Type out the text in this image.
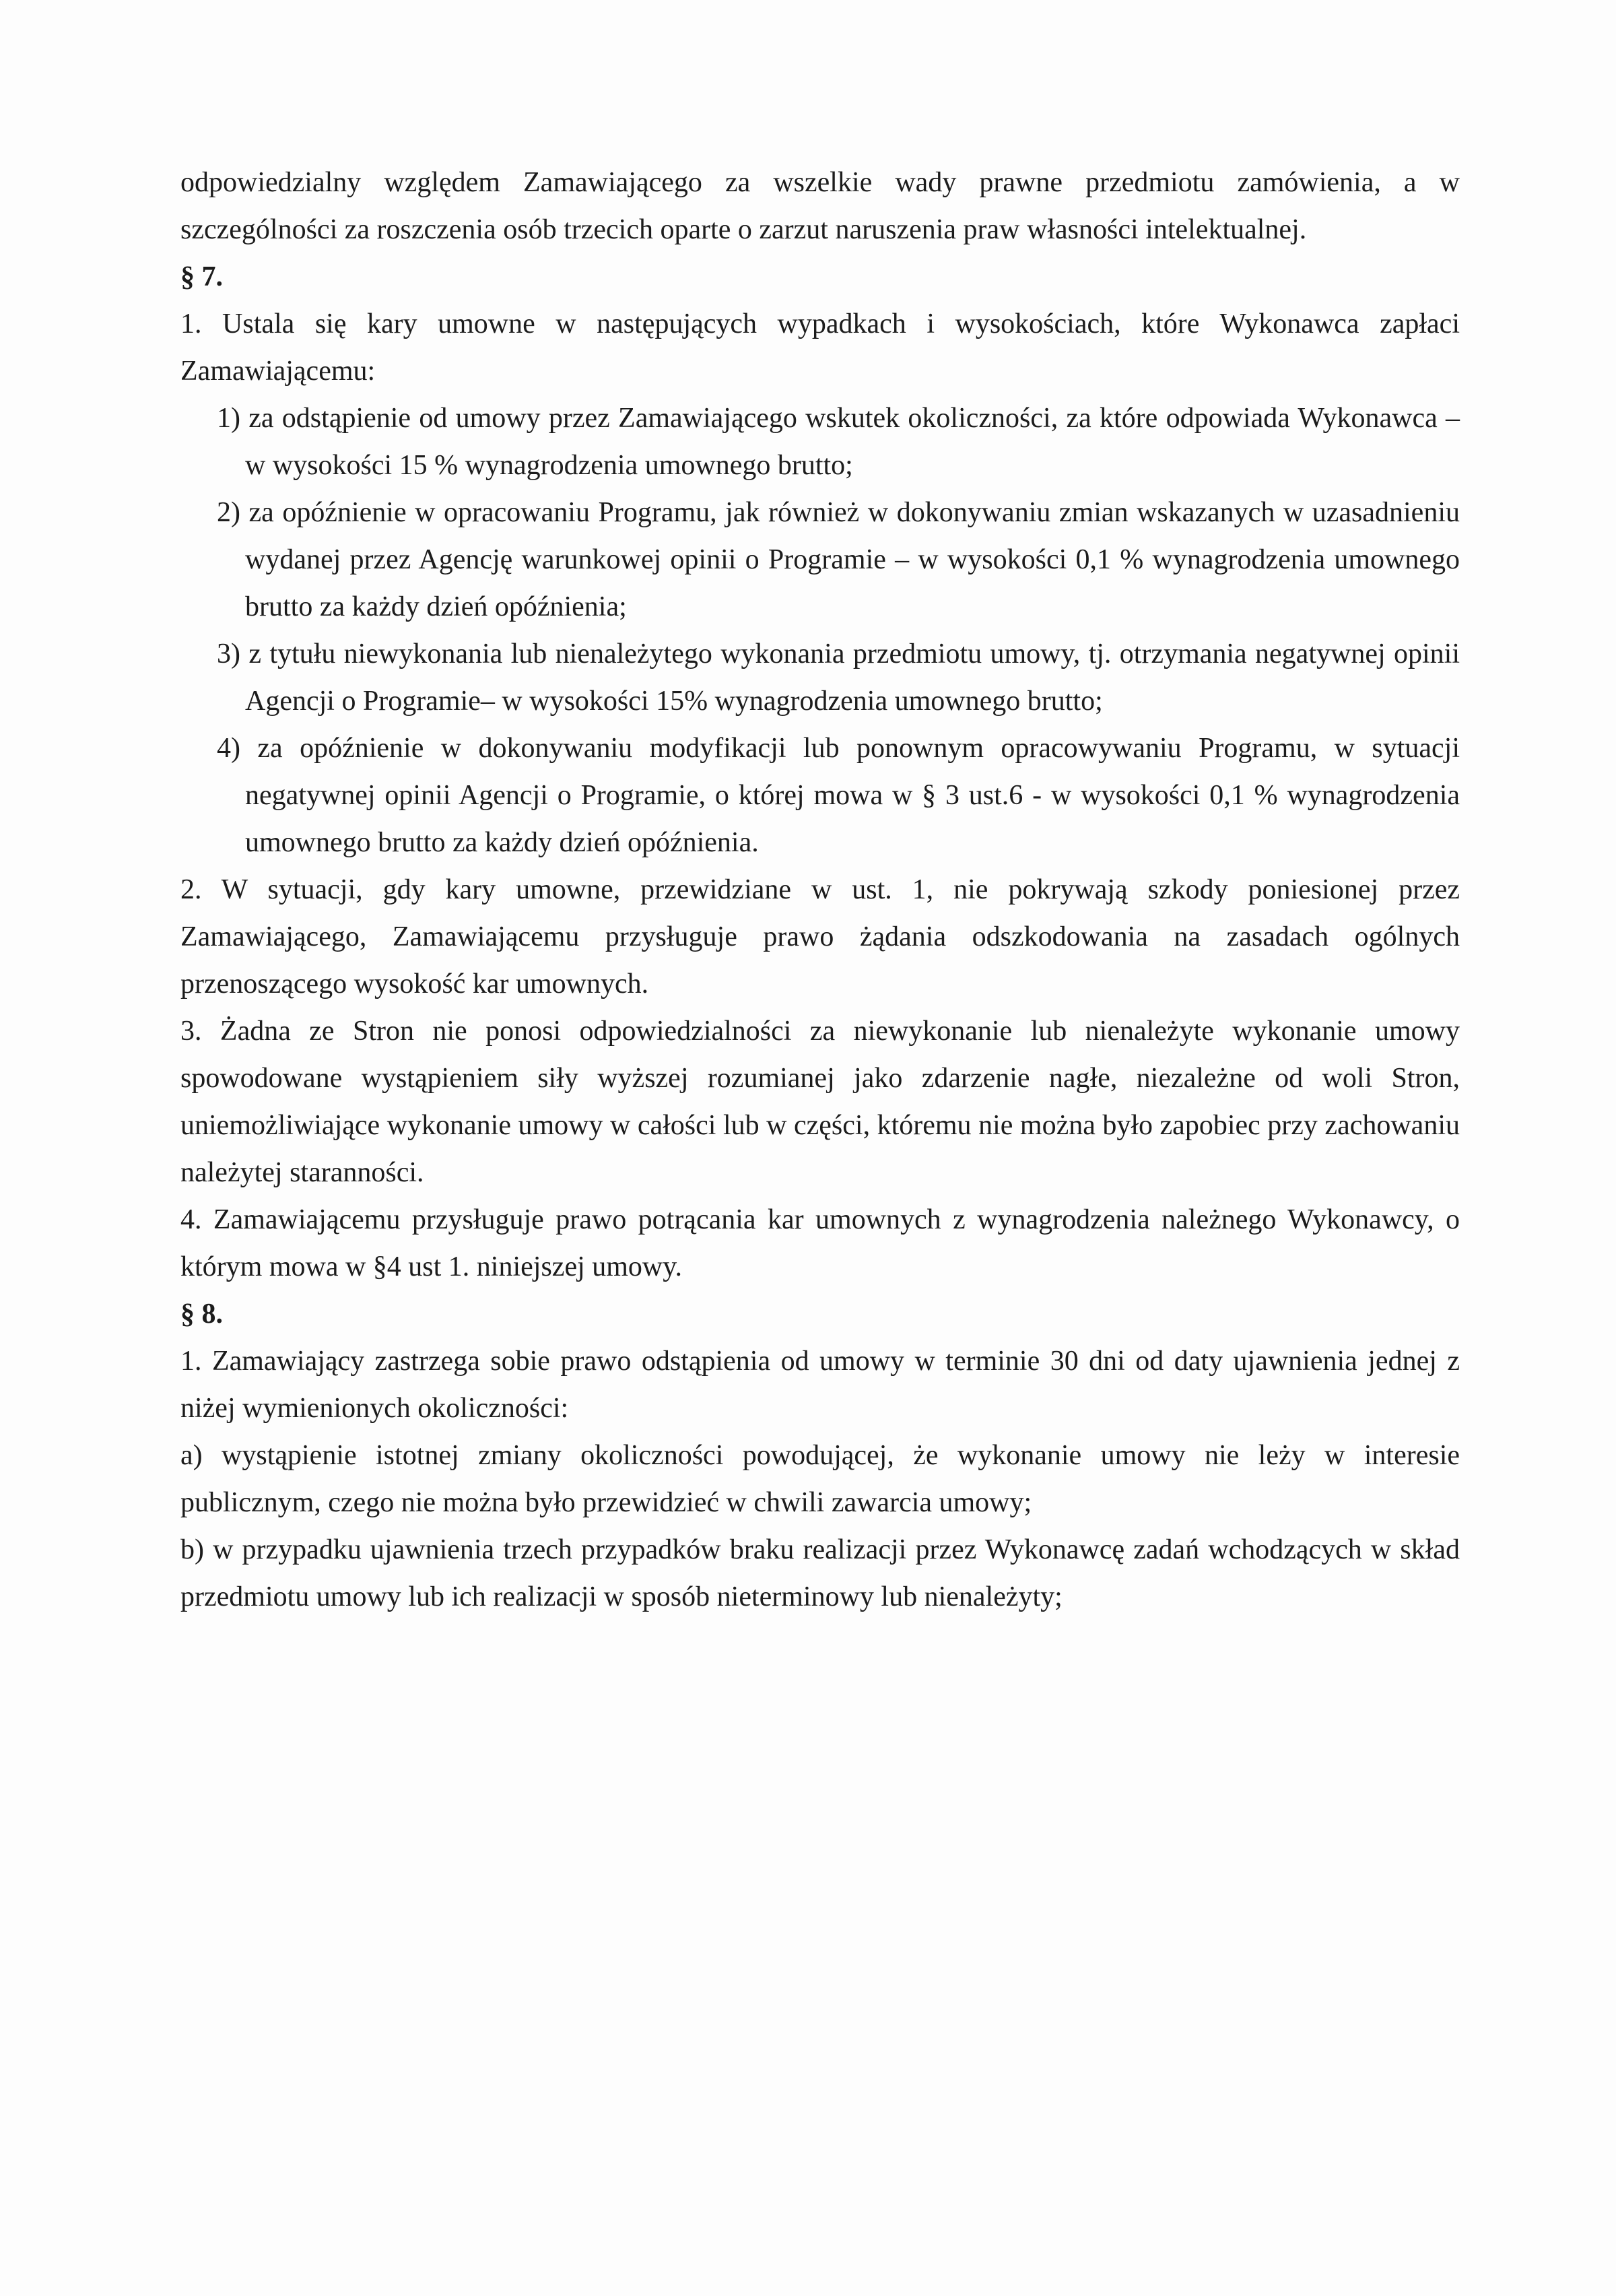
odpowiedzialny względem Zamawiającego za wszelkie wady prawne przedmiotu zamówienia, a w szczególności za roszczenia osób trzecich oparte o zarzut naruszenia praw własności intelektualnej.

§ 7.

1. Ustala się kary umowne w następujących wypadkach i wysokościach, które Wykonawca zapłaci Zamawiającemu:

1) za odstąpienie od umowy przez Zamawiającego wskutek okoliczności, za które odpowiada Wykonawca – w wysokości 15 % wynagrodzenia umownego brutto;

2) za opóźnienie w opracowaniu Programu, jak również w dokonywaniu zmian wskazanych w uzasadnieniu wydanej przez Agencję warunkowej opinii o Programie – w wysokości 0,1 % wynagrodzenia umownego brutto za każdy dzień opóźnienia;

3) z tytułu niewykonania lub nienależytego wykonania przedmiotu umowy, tj. otrzymania negatywnej opinii Agencji o Programie– w wysokości 15% wynagrodzenia umownego brutto;

4) za opóźnienie w dokonywaniu modyfikacji lub ponownym opracowywaniu Programu, w sytuacji negatywnej opinii Agencji o Programie, o której mowa w § 3 ust.6 - w wysokości 0,1 % wynagrodzenia umownego brutto za każdy dzień opóźnienia.

2. W sytuacji, gdy kary umowne, przewidziane w ust. 1, nie pokrywają szkody poniesionej przez Zamawiającego, Zamawiającemu przysługuje prawo żądania odszkodowania na zasadach ogólnych przenoszącego wysokość kar umownych.

3. Żadna ze Stron nie ponosi odpowiedzialności za niewykonanie lub nienależyte wykonanie umowy spowodowane wystąpieniem siły wyższej rozumianej jako zdarzenie nagłe, niezależne od woli Stron, uniemożliwiające wykonanie umowy w całości lub w części, któremu nie można było zapobiec przy zachowaniu należytej staranności.

4. Zamawiającemu przysługuje prawo potrącania kar umownych z wynagrodzenia należnego Wykonawcy, o którym mowa w §4 ust 1. niniejszej umowy.

§ 8.

1. Zamawiający zastrzega sobie prawo odstąpienia od umowy w terminie 30 dni od daty ujawnienia jednej z niżej wymienionych okoliczności:

a) wystąpienie istotnej zmiany okoliczności powodującej, że wykonanie umowy nie leży w interesie publicznym, czego nie można było przewidzieć w chwili zawarcia umowy;

b) w przypadku ujawnienia trzech przypadków braku realizacji przez Wykonawcę zadań wchodzących w skład przedmiotu umowy lub ich realizacji w sposób nieterminowy lub nienależyty;
